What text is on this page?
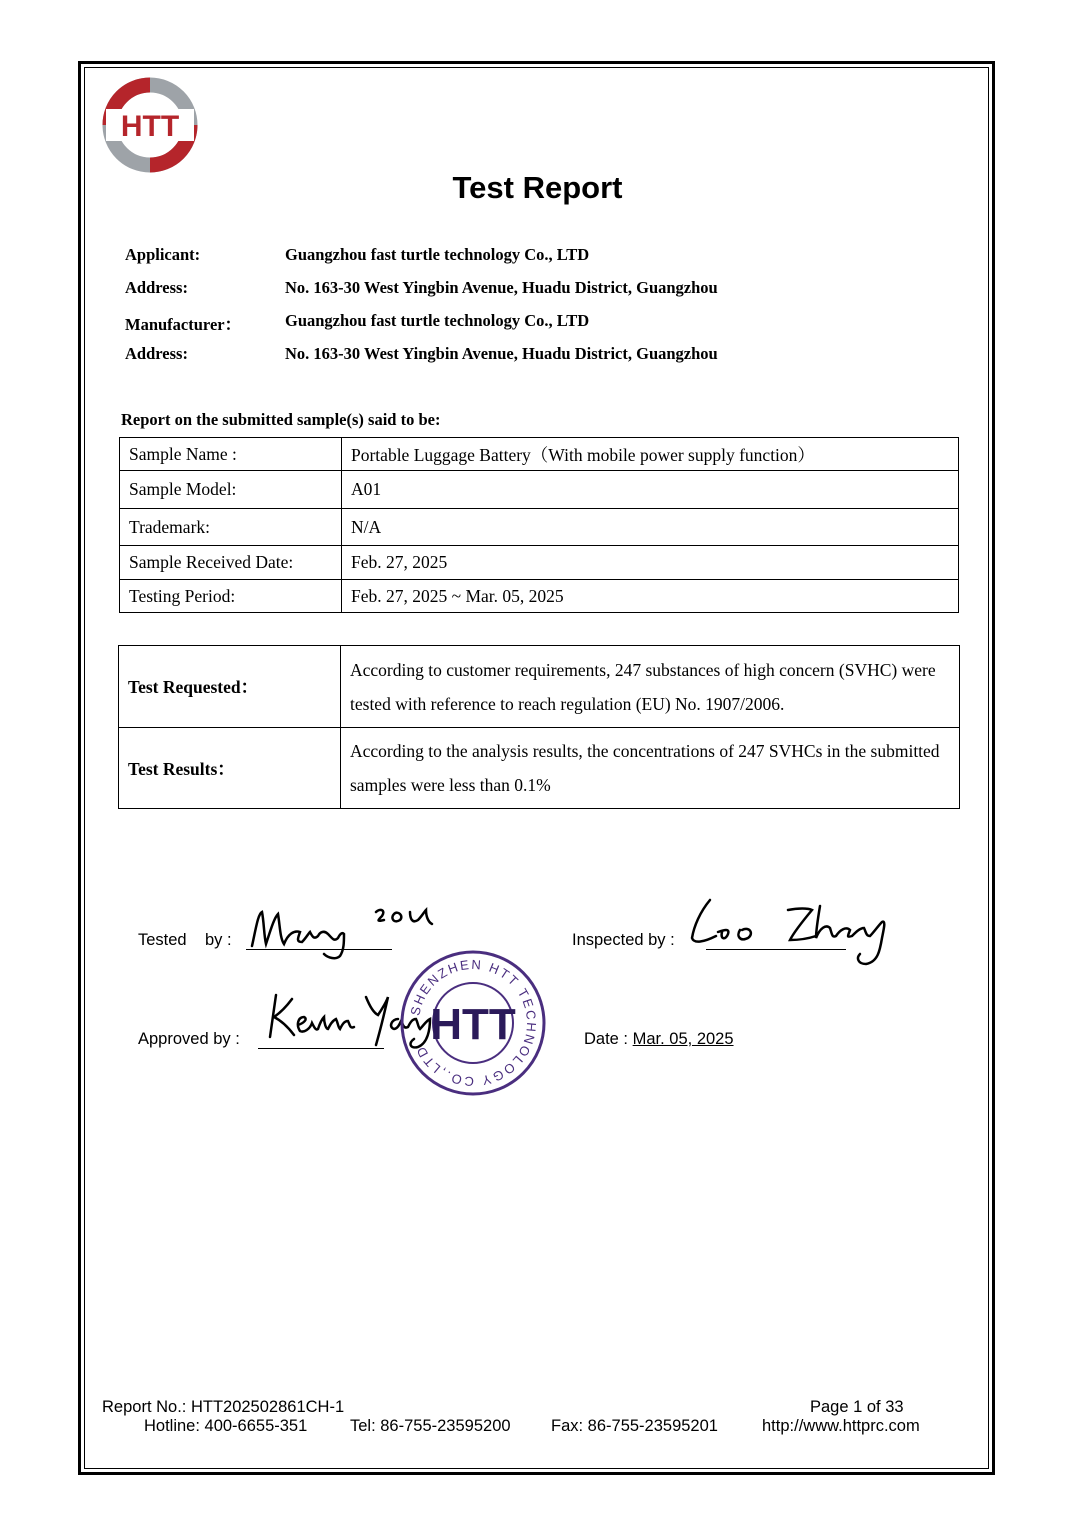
HTT
Test Report
Applicant:	Guangzhou fast turtle technology Co., LTD
Address:	No. 163-30 West Yingbin Avenue, Huadu District, Guangzhou
Manufacturer：	Guangzhou fast turtle technology Co., LTD
Address:	No. 163-30 West Yingbin Avenue, Huadu District, Guangzhou
Report on the submitted sample(s) said to be:
Sample Name :	Portable Luggage Battery（With mobile power supply function）
Sample Model:	A01
Trademark:	N/A
Sample Received Date:	Feb. 27, 2025
Testing Period:	Feb. 27, 2025 ~ Mar. 05, 2025
Test Requested：	According to customer requirements, 247 substances of high concern (SVHC) were tested with reference to reach regulation (EU) No. 1907/2006.
Test Results：	According to the analysis results, the concentrations of 247 SVHCs in the submitted samples were less than 0.1%
Tested    by :	Inspected by :
Approved by :	Date : Mar. 05, 2025
SHENZHEN HTT TECHNOLOGY CO.,LTD
HTT
Report No.: HTT202502861CH-1	Page 1 of 33
Hotline: 400-6655-351	Tel: 86-755-23595200 Fax: 86-755-23595201	http://www.httprc.com
